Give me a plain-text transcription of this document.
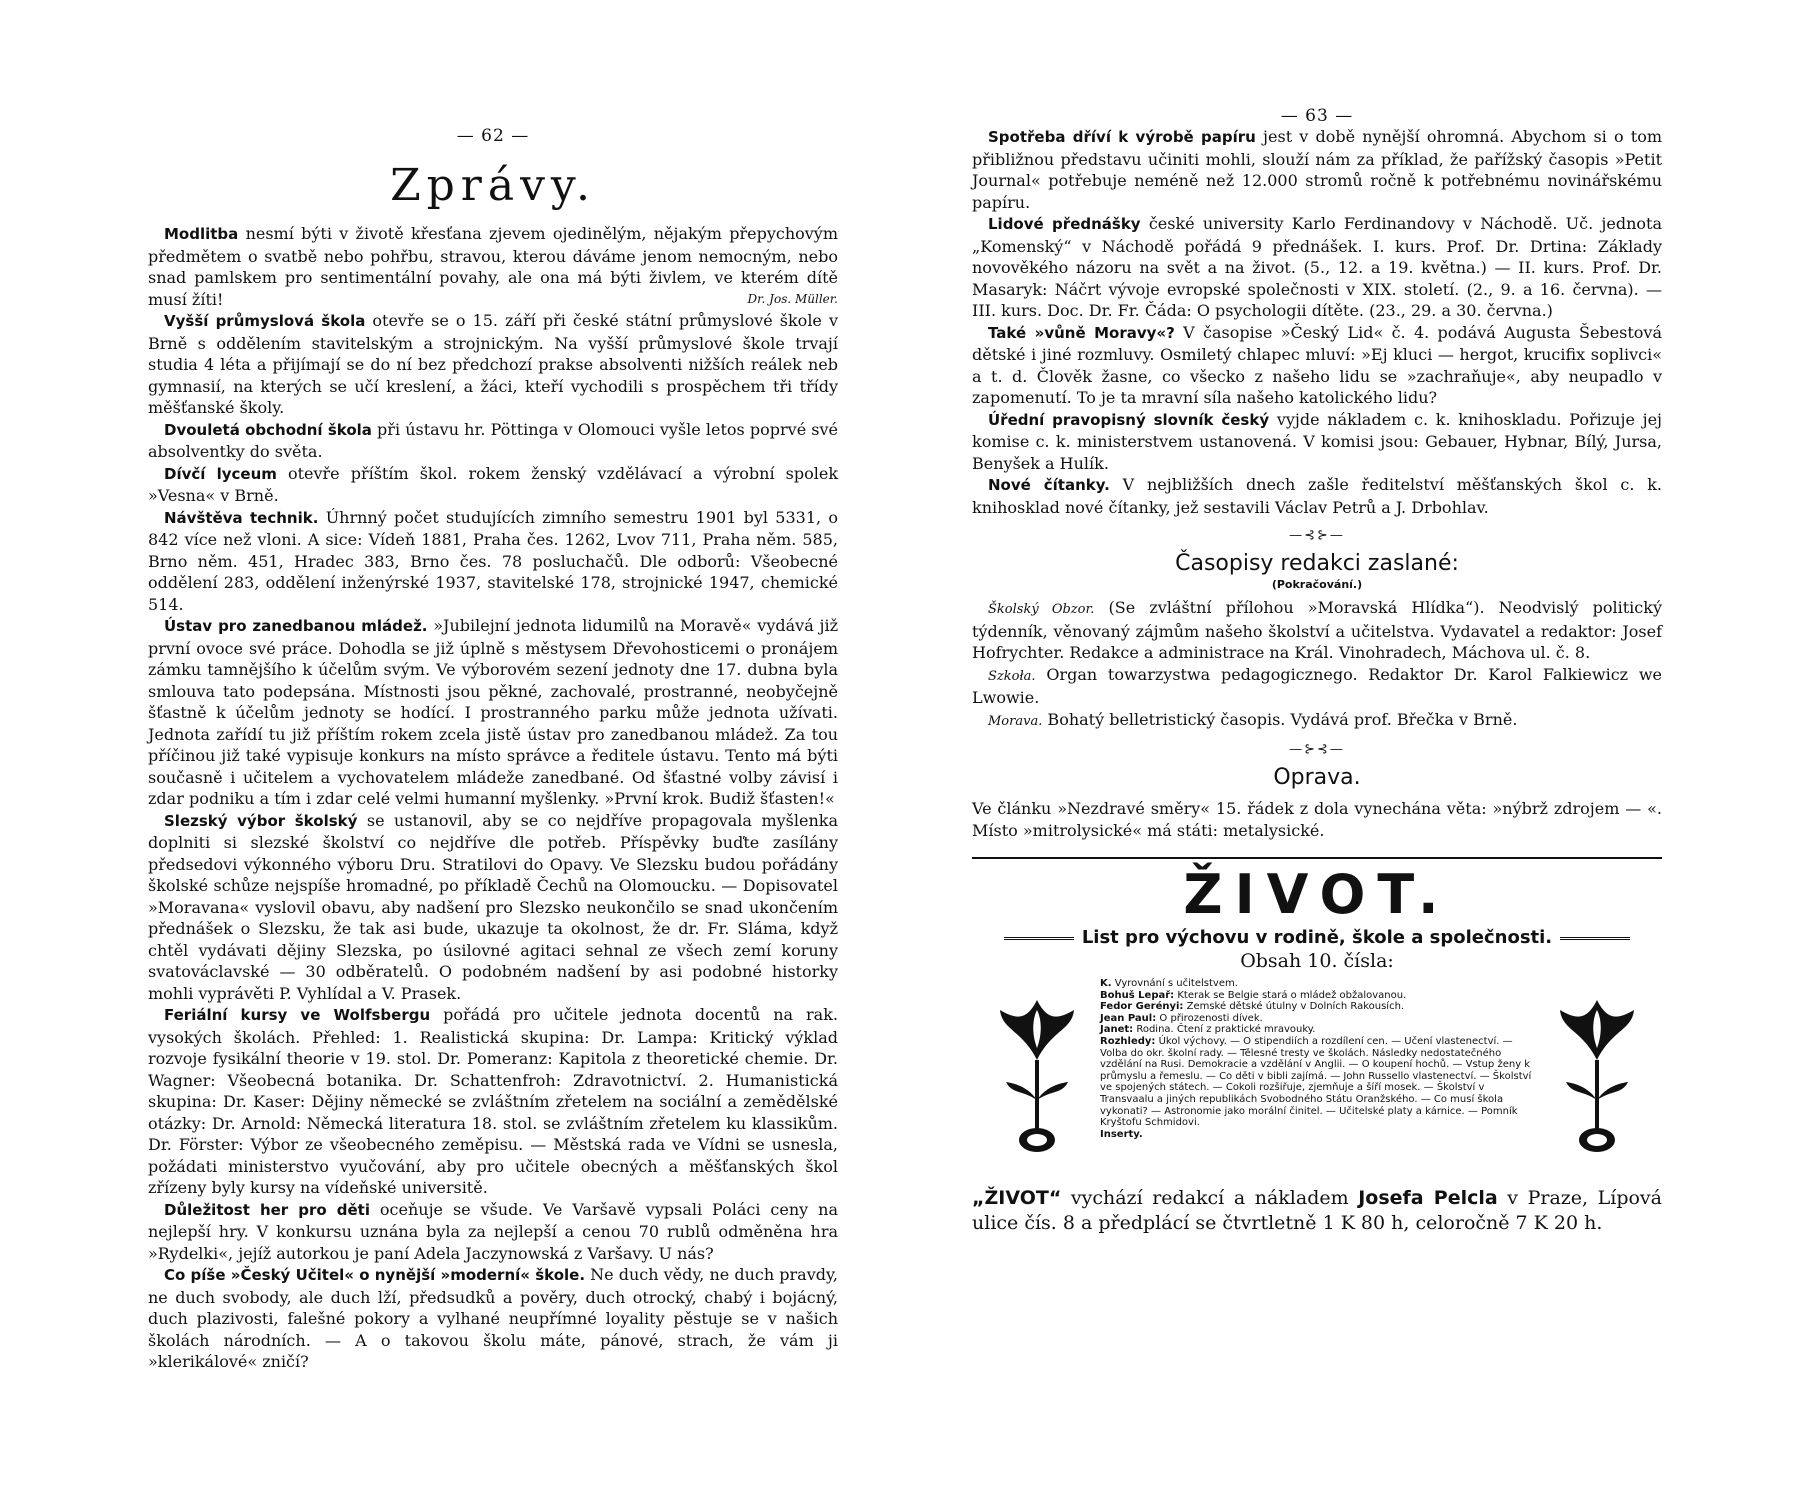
— 62 —
Zprávy.

 Modlitba nesmí býti v životě křesťana zjevem ojedinělým, nějakým přepychovým předmětem o svatbě nebo pohřbu, stravou, kterou dáváme jenom nemocným, nebo snad pamlskem pro sentimentální povahy, ale ona má býti živlem, ve kterém dítě musí žíti!	Dr. Jos. Müller.

 Vyšší průmyslová škola otevře se o 15. září při české státní průmyslové škole v Brně s oddělením stavitelským a strojnickým. Na vyšší průmyslové škole trvají studia 4 léta a přijímají se do ní bez předchozí prakse absolventi nižších reálek neb gymnasií, na kterých se učí kreslení, a žáci, kteří vychodili s prospěchem tři třídy měšťanské školy.

 Dvouletá obchodní škola při ústavu hr. Pöttinga v Olomouci vyšle letos poprvé své absolventky do světa.

 Dívčí lyceum otevře příštím škol. rokem ženský vzdělávací a výrobní spolek »Vesna« v Brně.

 Návštěva technik. Úhrnný počet studujících zimního semestru 1901 byl 5331, o 842 více než vloni. A sice: Vídeň 1881, Praha čes. 1262, Lvov 711, Praha něm. 585, Brno něm. 451, Hradec 383, Brno čes. 78 posluchačů. Dle odborů: Všeobecné oddělení 283, oddělení inženýrské 1937, stavitelské 178, strojnické 1947, chemické 514.

 Ústav pro zanedbanou mládež. »Jubilejní jednota lidumilů na Moravě« vydává již první ovoce své práce. Dohodla se již úplně s městysem Dřevohosticemi o pronájem zámku tamnějšího k účelům svým. Ve výborovém sezení jednoty dne 17. dubna byla smlouva tato podepsána. Místnosti jsou pěkné, zachovalé, prostranné, neobyčejně šťastně k účelům jednoty se hodící. I prostranného parku může jednota užívati. Jednota zařídí tu již příštím rokem zcela jistě ústav pro zanedbanou mládež. Za tou příčinou již také vypisuje konkurs na místo správce a ředitele ústavu. Tento má býti současně i učitelem a vychovatelem mládeže zanedbané. Od šťastné volby závisí i zdar podniku a tím i zdar celé velmi humanní myšlenky. »První krok. Budiž šťasten!«

 Slezský výbor školský se ustanovil, aby se co nejdříve propagovala myšlenka doplniti si slezské školství co nejdříve dle potřeb. Příspěvky buďte zasílány předsedovi výkonného výboru Dru. Stratilovi do Opavy. Ve Slezsku budou pořádány školské schůze nejspíše hromadné, po příkladě Čechů na Olomoucku. — Dopisovatel »Moravana« vyslovil obavu, aby nadšení pro Slezsko neukončilo se snad ukončením přednášek o Slezsku, že tak asi bude, ukazuje ta okolnost, že dr. Fr. Sláma, když chtěl vydávati dějiny Slezska, po úsilovné agitaci sehnal ze všech zemí koruny svatováclavské — 30 odběratelů. O podobném nadšení by asi podobné historky mohli vyprávěti P. Vyhlídal a V. Prasek.

 Feriální kursy ve Wolfsbergu pořádá pro učitele jednota docentů na rak. vysokých školách. Přehled: 1. Realistická skupina: Dr. Lampa: Kritický výklad rozvoje fysikální theorie v 19. stol. Dr. Pomeranz: Kapitola z theoretické chemie. Dr. Wagner: Všeobecná botanika. Dr. Schattenfroh: Zdravotnictví. 2. Humanistická skupina: Dr. Kaser: Dějiny německé se zvláštním zřetelem na sociální a zemědělské otázky: Dr. Arnold: Německá literatura 18. stol. se zvláštním zřetelem ku klassikům. Dr. Förster: Výbor ze všeobecného zeměpisu. — Městská rada ve Vídni se usnesla, požádati ministerstvo vyučování, aby pro učitele obecných a měšťanských škol zřízeny byly kursy na vídeňské universitě.

 Důležitost her pro děti oceňuje se všude. Ve Varšavě vypsali Poláci ceny na nejlepší hry. V konkursu uznána byla za nejlepší a cenou 70 rublů odměněna hra »Rydelki«, jejíž autorkou je paní Adela Jaczynowská z Varšavy. U nás?

 Co píše »Český Učitel« o nynější »moderní« škole. Ne duch vědy, ne duch pravdy, ne duch svobody, ale duch lží, předsudků a pověry, duch otrocký, chabý i bojácný, duch plazivosti, falešné pokory a vylhané neupřímné loyality pěstuje se v našich školách národních. — A o takovou školu máte, pánové, strach, že vám ji »klerikálové« zničí?

— 63 —

 Spotřeba dříví k výrobě papíru jest v době nynější ohromná. Abychom si o tom přibližnou představu učiniti mohli, slouží nám za příklad, že pařížský časopis »Petit Journal« potřebuje neméně než 12.000 stromů ročně k potřebnému novinářskému papíru.

 Lidové přednášky české university Karlo Ferdinandovy v Náchodě. Uč. jednota „Komenský“ v Náchodě pořádá 9 přednášek. I. kurs. Prof. Dr. Drtina: Základy novověkého názoru na svět a na život. (5., 12. a 19. května.) — II. kurs. Prof. Dr. Masaryk: Náčrt vývoje evropské společnosti v XIX. století. (2., 9. a 16. června). — III. kurs. Doc. Dr. Fr. Čáda: O psychologii dítěte. (23., 29. a 30. června.)

 Také »vůně Moravy«? V časopise »Český Lid« č. 4. podává Augusta Šebestová dětské i jiné rozmluvy. Osmiletý chlapec mluví: »Ej kluci — hergot, krucifix soplivci« a t. d. Člověk žasne, co všecko z našeho lidu se »zachraňuje«, aby neupadlo v zapomenutí. To je ta mravní síla našeho katolického lidu?

 Úřední pravopisný slovník český vyjde nákladem c. k. knihoskladu. Pořizuje jej komise c. k. ministerstvem ustanovená. V komisi jsou: Gebauer, Hybnar, Bílý, Jursa, Benyšek a Hulík.

 Nové čítanky. V nejbližších dnech zašle ředitelství měšťanských škol c. k. knihosklad nové čítanky, jež sestavili Václav Petrů a J. Drbohlav.

—⊰⊱—
Časopisy redakci zaslané:
(Pokračování.)

 Školský Obzor. (Se zvláštní přílohou »Moravská Hlídka“). Neodvislý politický týdenník, věnovaný zájmům našeho školství a učitelstva. Vydavatel a redaktor: Josef Hofrychter. Redakce a administrace na Král. Vinohradech, Máchova ul. č. 8.

 Szkoła. Organ towarzystwa pedagogicznego. Redaktor Dr. Karol Falkiewicz we Lwowie.

 Morava. Bohatý belletristický časopis. Vydává prof. Břečka v Brně.

—⊱⊰—
Oprava.

Ve článku »Nezdravé směry« 15. řádek z dola vynechána věta: »nýbrž zdrojem — «. Místo »mitrolysické« má státi: metalysické.

ŽIVOT.
List pro výchovu v rodině, škole a společnosti.
Obsah 10. čísla:
K. Vyrovnání s učitelstvem.
Bohuš Lepař: Kterak se Belgie stará o mládež obžalovanou.
Fedor Gerényi: Zemské dětské útulny v Dolních Rakousích.
Jean Paul: O přirozenosti dívek.
Janet: Rodina. Čtení z praktické mravouky.
Rozhledy: Úkol výchovy. — O stipendiích a rozdílení cen. — Učení vlastenectví. — Volba do okr. školní rady. — Tělesné tresty ve školách. Následky nedostatečného vzdělání na Rusi. Demokracie a vzdělání v Anglii. — O koupení hochů. — Vstup ženy k průmyslu a řemeslu. — Co děti v bibli zajímá. — John Russello vlastenectví. — Školství ve spojených státech. — Cokoli rozšiřuje, zjemňuje a šíří mosek. — Školství v Transvaalu a jiných republikách Svobodného Státu Oranžského. — Co musí škola vykonati? — Astronomie jako morální činitel. — Učitelské platy a kárnice. — Pomník Kryštofu Schmidovi.
Inserty.

„ŽIVOT“ vychází redakcí a nákladem Josefa Pelcla v Praze, Lípová ulice čís. 8 a předplácí se čtvrtletně 1 K 80 h, celoročně 7 K 20 h.
